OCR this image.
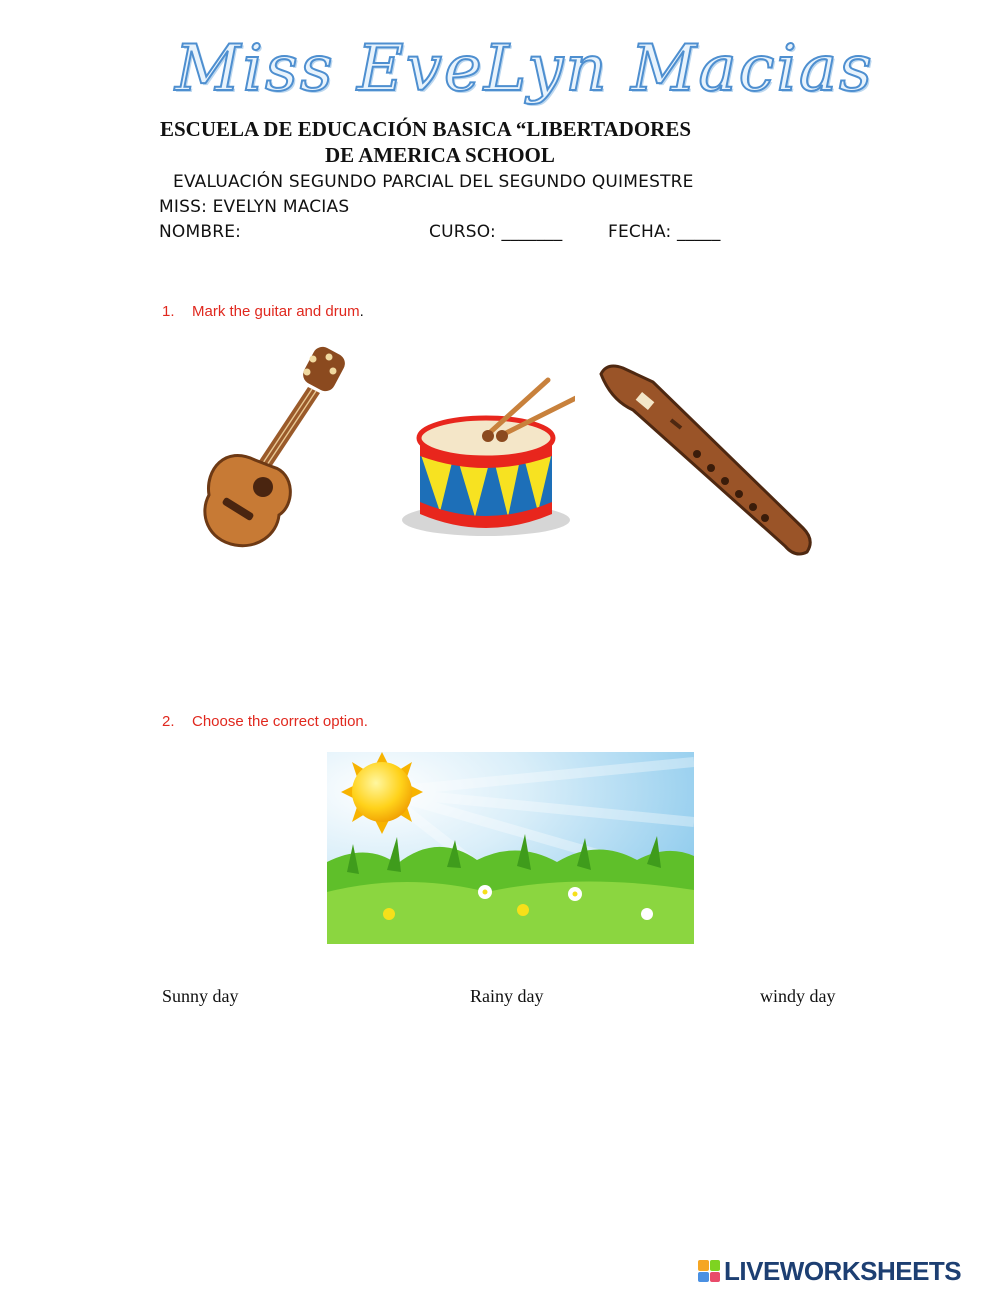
Miss EveLyn Macias
ESCUELA DE EDUCACIÓN BASICA “LIBERTADORES
DE AMERICA SCHOOL
EVALUACIÓN SEGUNDO PARCIAL DEL SEGUNDO QUIMESTRE
MISS: EVELYN MACIAS
NOMBRE:	CURSO: _______	FECHA: _____
1. Mark the guitar and drum.
2. Choose the correct option.
Sunny day	Rainy day	windy day
LIVEWORKSHEETS
